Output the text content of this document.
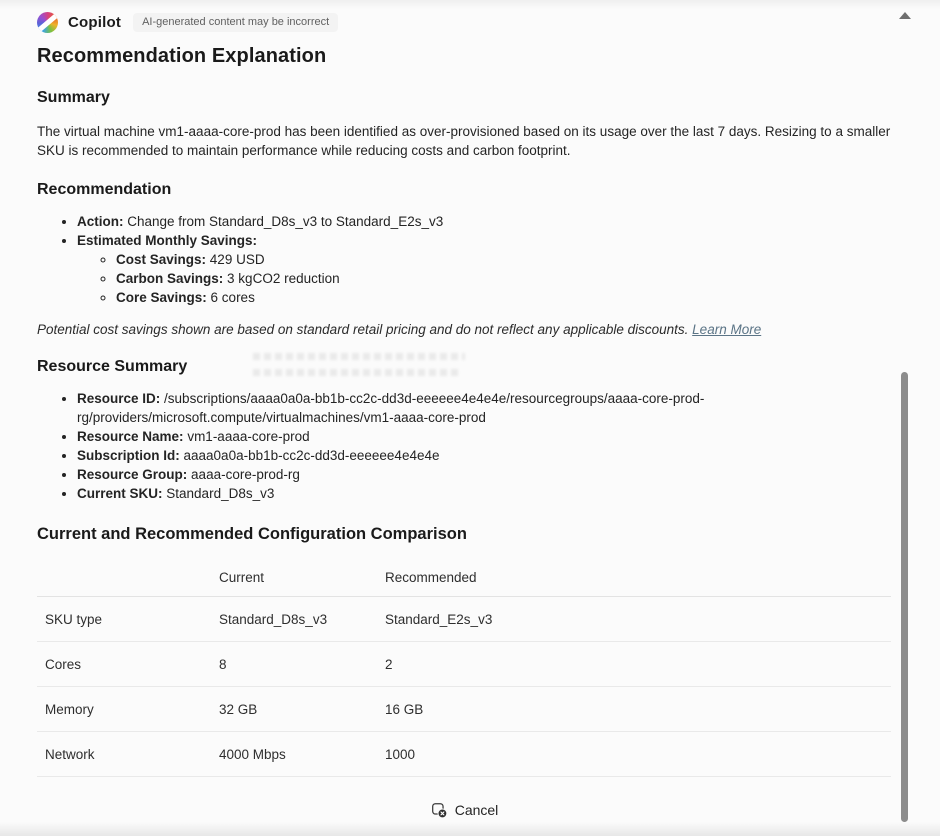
Copilot	AI-generated content may be incorrect
Recommendation Explanation
Summary

The virtual machine vm1-aaaa-core-prod has been identified as over-provisioned based on its usage over the last 7 days. Resizing to a smaller SKU is recommended to maintain performance while reducing costs and carbon footprint.

Recommendation
• Action: Change from Standard_D8s_v3 to Standard_E2s_v3
• Estimated Monthly Savings:
◦ Cost Savings: 429 USD
◦ Carbon Savings: 3 kgCO2 reduction
◦ Core Savings: 6 cores

Potential cost savings shown are based on standard retail pricing and do not reflect any applicable discounts. Learn More

Resource Summary
• Resource ID: /subscriptions/aaaa0a0a-bb1b-cc2c-dd3d-eeeeee4e4e4e/resourcegroups/aaaa-core-prod-rg/providers/microsoft.compute/virtualmachines/vm1-aaaa-core-prod
• Resource Name: vm1-aaaa-core-prod
• Subscription Id: aaaa0a0a-bb1b-cc2c-dd3d-eeeeee4e4e4e
• Resource Group: aaaa-core-prod-rg
• Current SKU: Standard_D8s_v3
Current and Recommended Configuration Comparison
	Current	Recommended
SKU type	Standard_D8s_v3	Standard_E2s_v3
Cores	8	2
Memory	32 GB	16 GB
Network	4000 Mbps	1000
Cancel
